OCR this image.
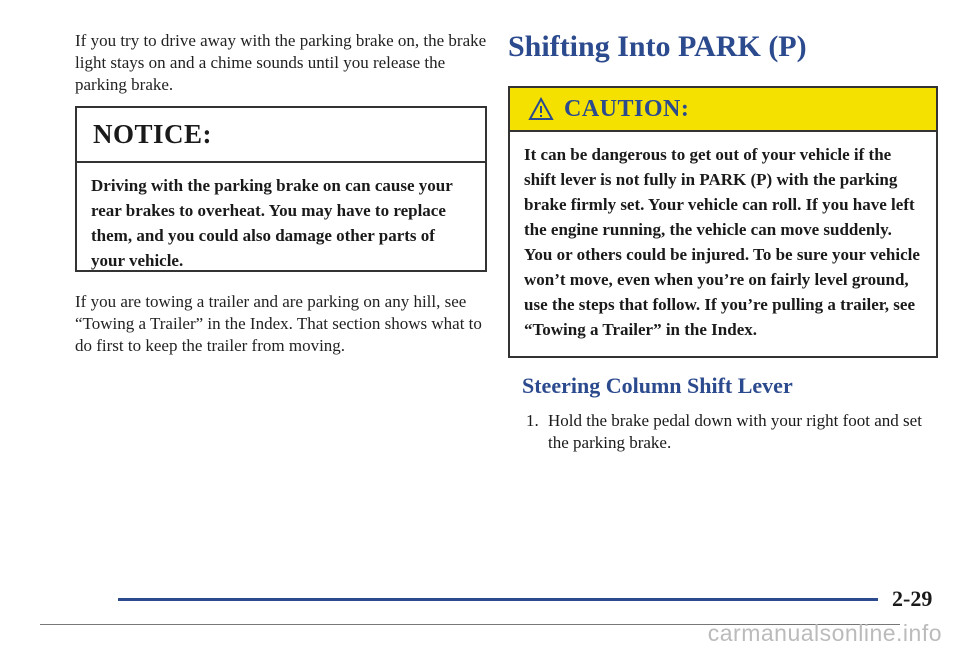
If you try to drive away with the parking brake on, the brake light stays on and a chime sounds until you release the parking brake.

NOTICE:
Driving with the parking brake on can cause your rear brakes to overheat. You may have to replace them, and you could also damage other parts of your vehicle.

If you are towing a trailer and are parking on any hill, see “Towing a Trailer” in the Index. That section shows what to do first to keep the trailer from moving.

Shifting Into PARK (P)
CAUTION:
It can be dangerous to get out of your vehicle if the shift lever is not fully in PARK (P) with the parking brake firmly set. Your vehicle can roll. If you have left the engine running, the vehicle can move suddenly. You or others could be injured. To be sure your vehicle won’t move, even when you’re on fairly level ground, use the steps that follow. If you’re pulling a trailer, see “Towing a Trailer” in the Index.
Steering Column Shift Lever
1. Hold the brake pedal down with your right foot and set the parking brake.
2-29
carmanualsonline.info
